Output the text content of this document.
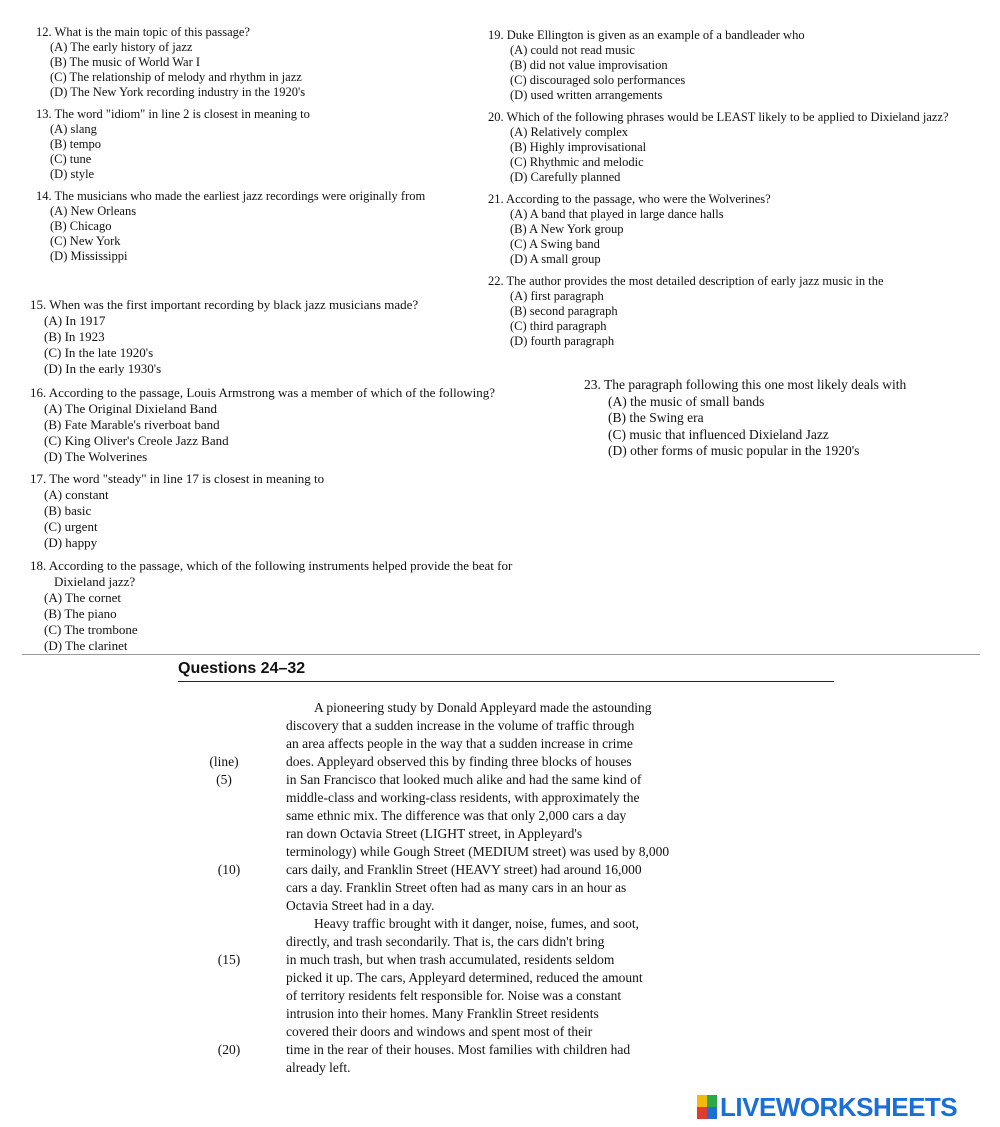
12. What is the main topic of this passage?
(A) The early history of jazz
(B) The music of World War I
(C) The relationship of melody and rhythm in jazz
(D) The New York recording industry in the 1920's
13. The word "idiom" in line 2 is closest in meaning to
(A) slang
(B) tempo
(C) tune
(D) style
14. The musicians who made the earliest jazz recordings were originally from
(A) New Orleans
(B) Chicago
(C) New York
(D) Mississippi
15. When was the first important recording by black jazz musicians made?
(A) In 1917
(B) In 1923
(C) In the late 1920's
(D) In the early 1930's
16. According to the passage, Louis Armstrong was a member of which of the following?
(A) The Original Dixieland Band
(B) Fate Marable's riverboat band
(C) King Oliver's Creole Jazz Band
(D) The Wolverines
17. The word "steady" in line 17 is closest in meaning to
(A) constant
(B) basic
(C) urgent
(D) happy
18. According to the passage, which of the following instruments helped provide the beat for
Dixieland jazz?
(A) The cornet
(B) The piano
(C) The trombone
(D) The clarinet
19. Duke Ellington is given as an example of a bandleader who
(A) could not read music
(B) did not value improvisation
(C) discouraged solo performances
(D) used written arrangements
20. Which of the following phrases would be LEAST likely to be applied to Dixieland jazz?
(A) Relatively complex
(B) Highly improvisational
(C) Rhythmic and melodic
(D) Carefully planned
21. According to the passage, who were the Wolverines?
(A) A band that played in large dance halls
(B) A New York group
(C) A Swing band
(D) A small group
22. The author provides the most detailed description of early jazz music in the
(A) first paragraph
(B) second paragraph
(C) third paragraph
(D) fourth paragraph
23. The paragraph following this one most likely deals with
(A) the music of small bands
(B) the Swing era
(C) music that influenced Dixieland Jazz
(D) other forms of music popular in the 1920's
Questions 24–32
(line)
(5)
(10)
(15)
(20)
A pioneering study by Donald Appleyard made the astounding
discovery that a sudden increase in the volume of traffic through
an area affects people in the way that a sudden increase in crime
does. Appleyard observed this by finding three blocks of houses
in San Francisco that looked much alike and had the same kind of
middle-class and working-class residents, with approximately the
same ethnic mix. The difference was that only 2,000 cars a day
ran down Octavia Street (LIGHT street, in Appleyard's
terminology) while Gough Street (MEDIUM street) was used by 8,000
cars daily, and Franklin Street (HEAVY street) had around 16,000
cars a day. Franklin Street often had as many cars in an hour as
Octavia Street had in a day.
Heavy traffic brought with it danger, noise, fumes, and soot,
directly, and trash secondarily. That is, the cars didn't bring
in much trash, but when trash accumulated, residents seldom
picked it up. The cars, Appleyard determined, reduced the amount
of territory residents felt responsible for. Noise was a constant
intrusion into their homes. Many Franklin Street residents
covered their doors and windows and spent most of their
time in the rear of their houses. Most families with children had
already left.
LIVEWORKSHEETS
